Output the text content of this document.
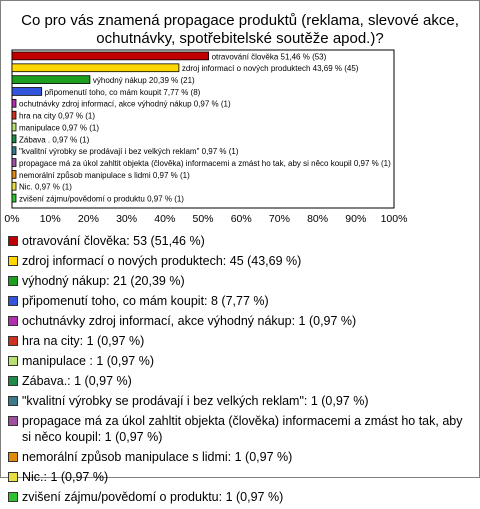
Co pro vás znamená propagace produktů (reklama, slevové akce,
ochutnávky, spotřebitelské soutěže apod.)?
otravování člověka 51,46 % (53)
zdroj informací o nových produktech 43,69 % (45)
výhodný nákup 20,39 % (21)
připomenutí toho, co mám koupit 7,77 % (8)
ochutnávky zdroj informací, akce výhodný nákup 0,97 % (1)
hra na city 0,97 % (1)
manipulace 0,97 % (1)
Zábava . 0,97 % (1)
"kvalitní výrobky se prodávají i bez velkých reklam" 0,97 % (1)
propagace má za úkol zahltit objekta (člověka) informacemi a zmást ho tak, aby si něco koupil 0,97 % (1)
nemorální způsob manipulace s lidmi 0,97 % (1)
Nic. 0,97 % (1)
zvišení zájmu/povědomí o produktu 0,97 % (1)
0% 10% 20% 30% 40% 50% 60% 70% 80% 90% 100%
otravování člověka: 53 (51,46 %)
zdroj informací o nových produktech: 45 (43,69 %)
výhodný nákup: 21 (20,39 %)
připomenutí toho, co mám koupit: 8 (7,77 %)
ochutnávky zdroj informací, akce výhodný nákup: 1 (0,97 %)
hra na city: 1 (0,97 %)
manipulace : 1 (0,97 %)
Zábava.: 1 (0,97 %)
"kvalitní výrobky se prodávají i bez velkých reklam": 1 (0,97 %)
propagace má za úkol zahltit objekta (člověka) informacemi a zmást ho tak, aby si něco koupil: 1 (0,97 %)
nemorální způsob manipulace s lidmi: 1 (0,97 %)
Nic.: 1 (0,97 %)
zvišení zájmu/povědomí o produktu: 1 (0,97 %)
